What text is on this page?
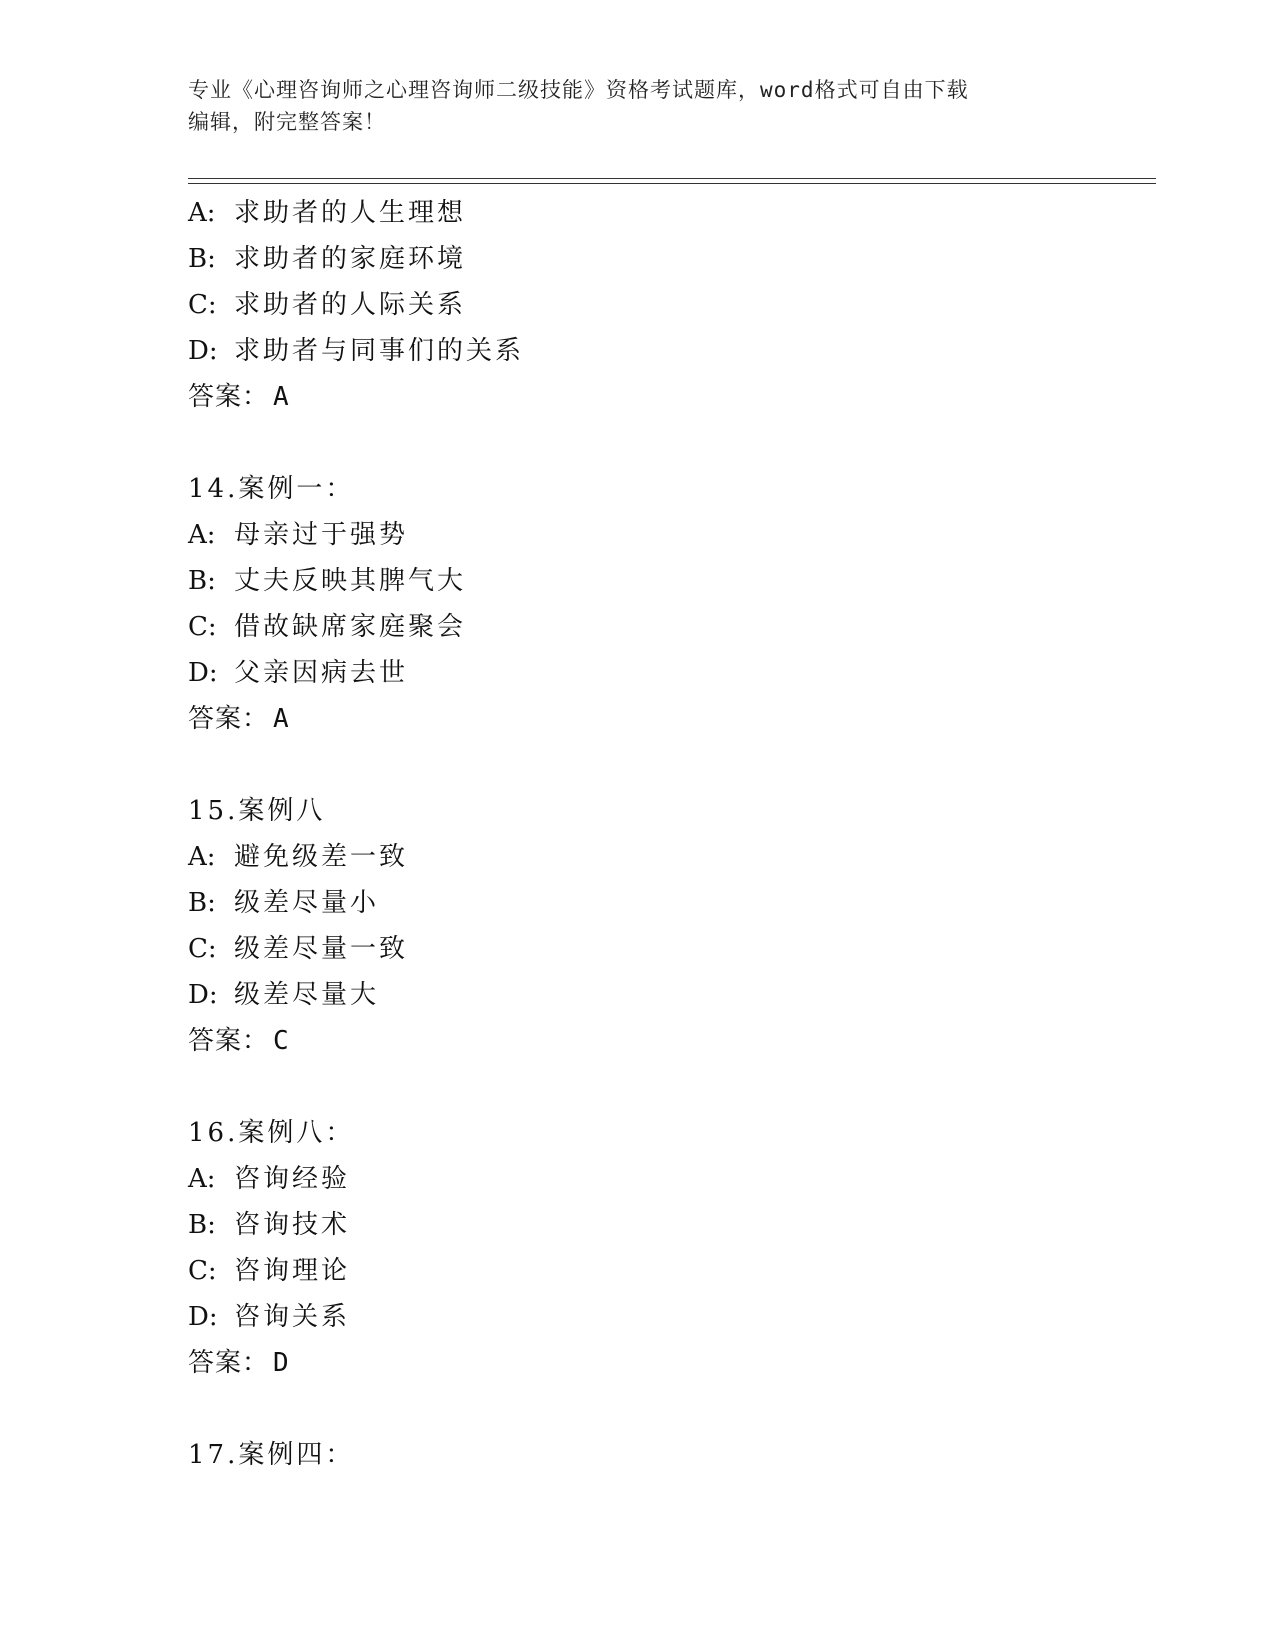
专业《心理咨询师之心理咨询师二级技能》资格考试题库，word格式可自由下载

编辑，附完整答案！

A: 求助者的人生理想
B: 求助者的家庭环境
C: 求助者的人际关系
D: 求助者与同事们的关系
答案： A
14.案例一：
A: 母亲过于强势
B: 丈夫反映其脾气大
C: 借故缺席家庭聚会
D: 父亲因病去世
答案： A
15.案例八
A: 避免级差一致
B: 级差尽量小
C: 级差尽量一致
D: 级差尽量大
答案： C
16.案例八：
A: 咨询经验
B: 咨询技术
C: 咨询理论
D: 咨询关系
答案： D
17.案例四：
